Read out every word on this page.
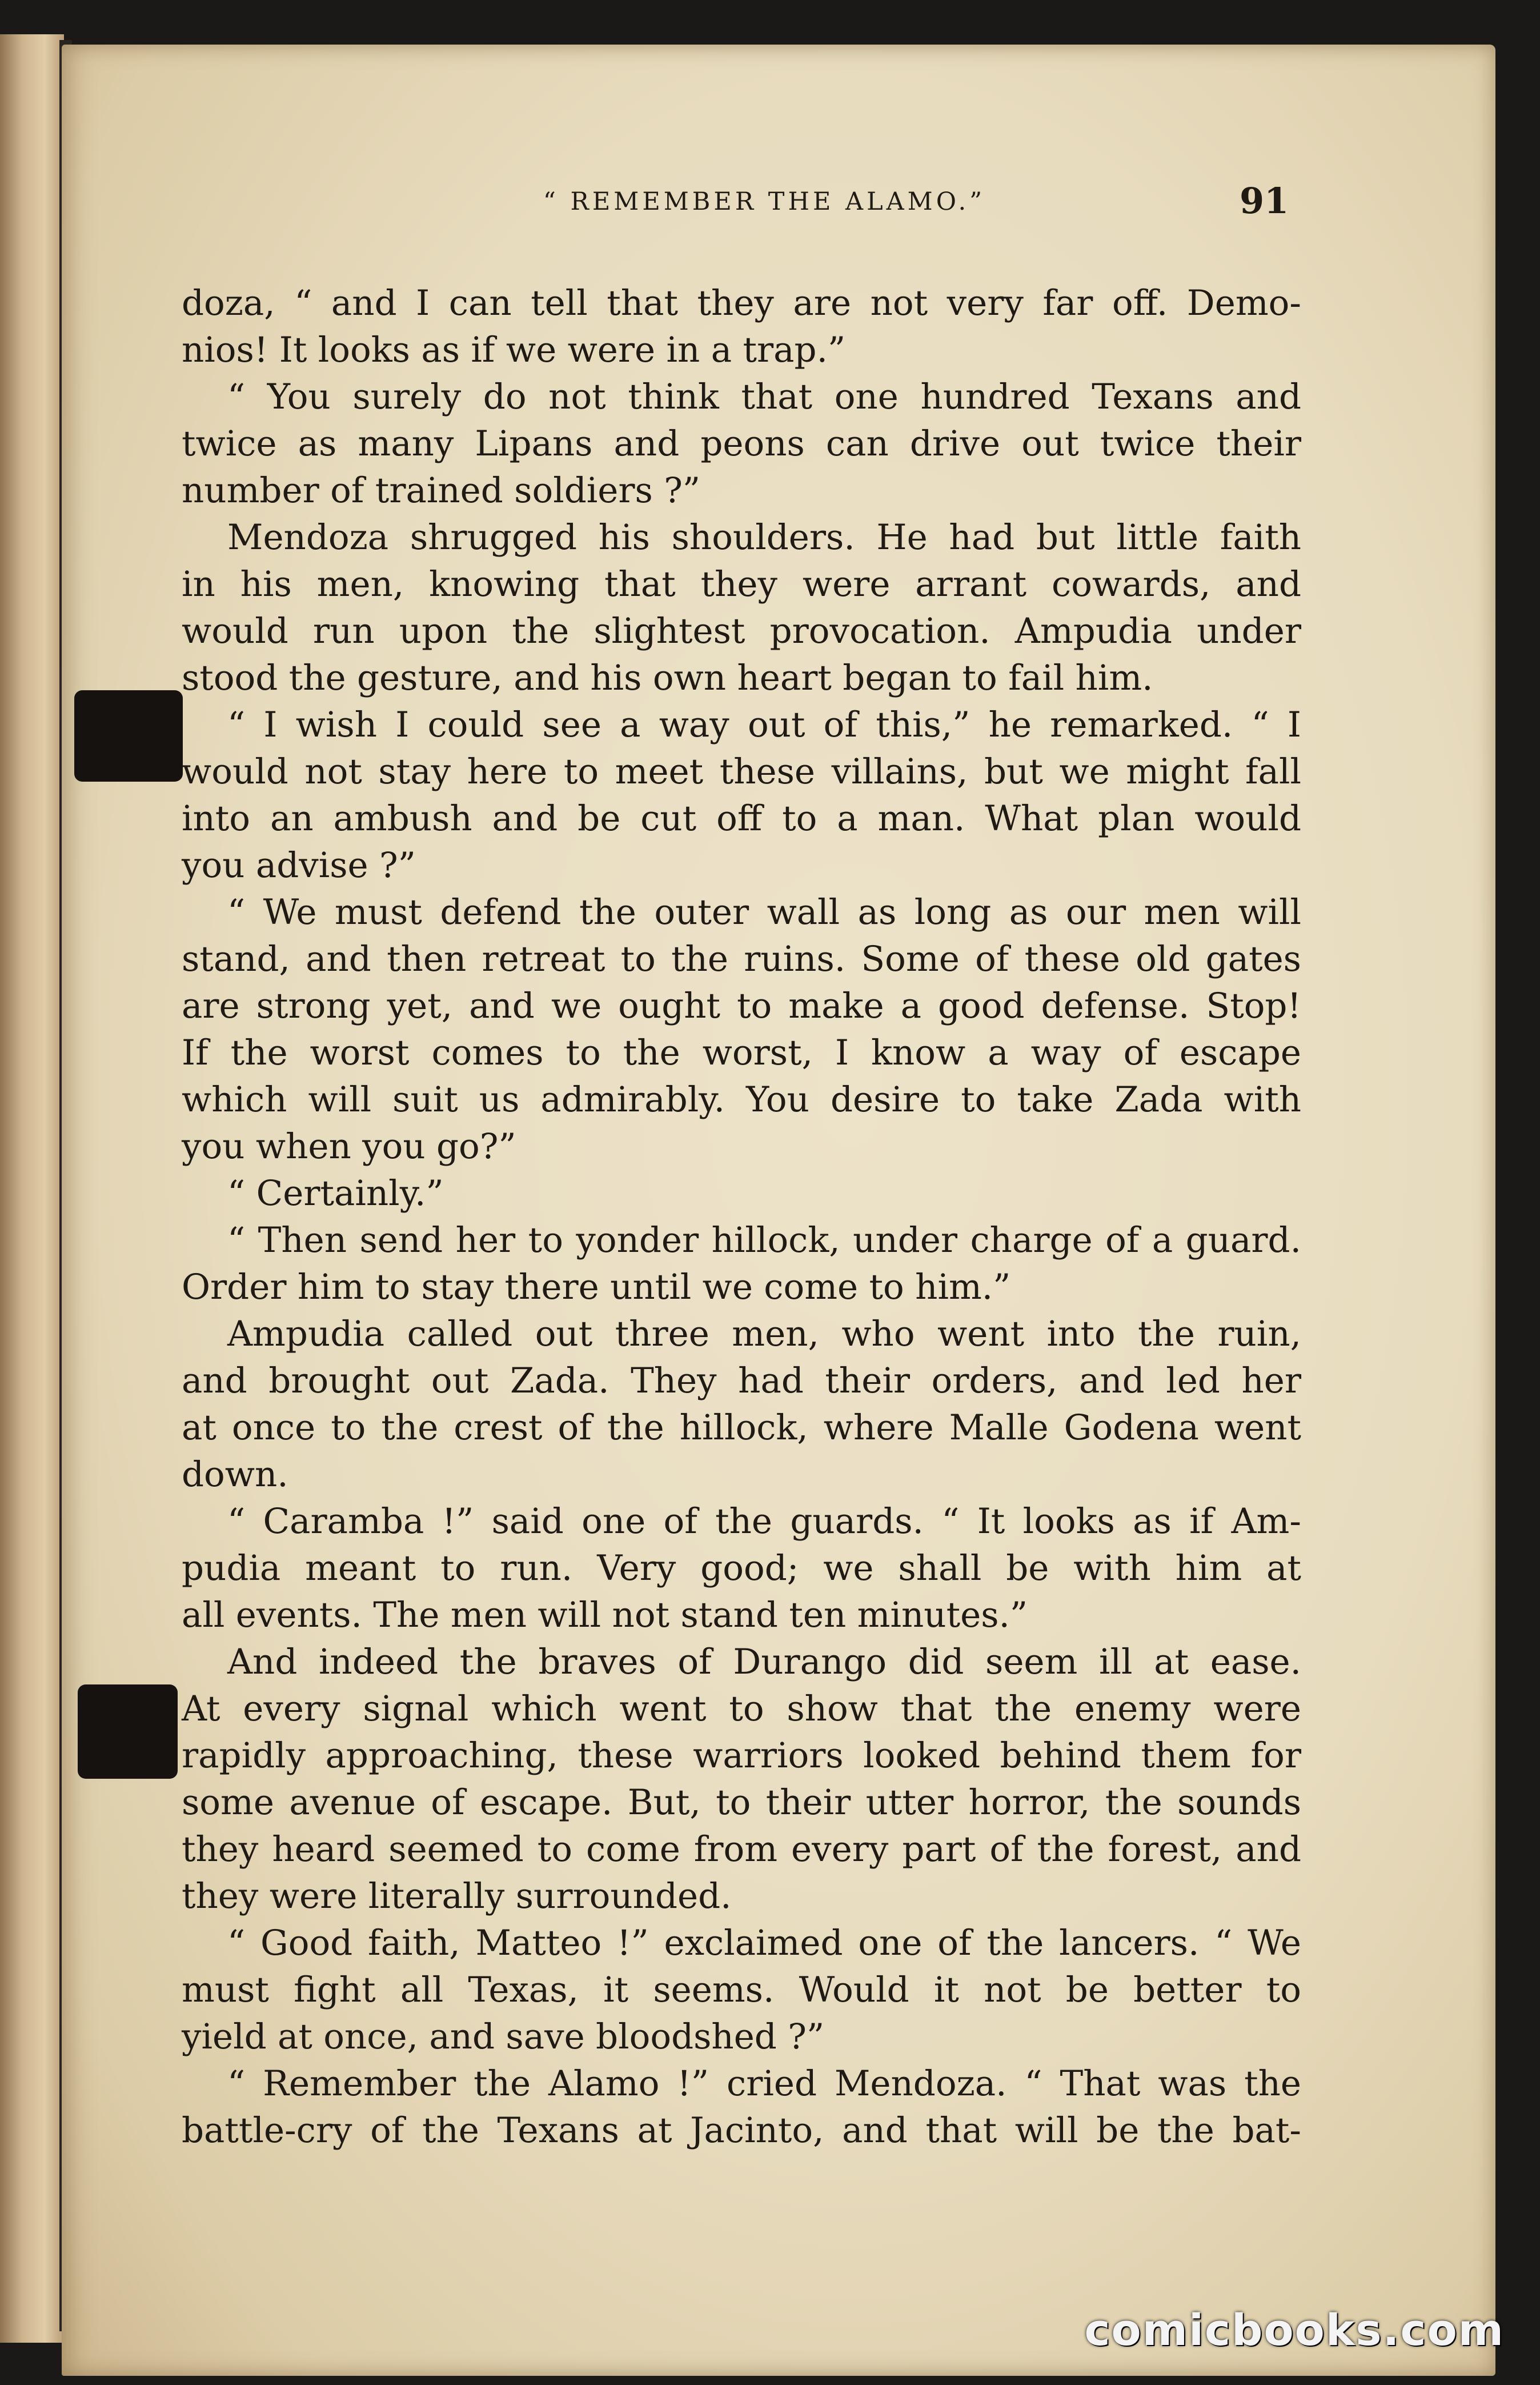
“ REMEMBER THE ALAMO.”	91
doza, “ and I can tell that they are not very far off. Demo-
nios! It looks as if we were in a trap.”
“ You surely do not think that one hundred Texans and
twice as many Lipans and peons can drive out twice their
number of trained soldiers ?”
Mendoza shrugged his shoulders. He had but little faith
in his men, knowing that they were arrant cowards, and
would run upon the slightest provocation. Ampudia under
stood the gesture, and his own heart began to fail him.
“ I wish I could see a way out of this,” he remarked. “ I
would not stay here to meet these villains, but we might fall
into an ambush and be cut off to a man. What plan would
you advise ?”
“ We must defend the outer wall as long as our men will
stand, and then retreat to the ruins. Some of these old gates
are strong yet, and we ought to make a good defense. Stop!
If the worst comes to the worst, I know a way of escape
which will suit us admirably. You desire to take Zada with
you when you go?”
“ Certainly.”
“ Then send her to yonder hillock, under charge of a guard.
Order him to stay there until we come to him.”
Ampudia called out three men, who went into the ruin,
and brought out Zada. They had their orders, and led her
at once to the crest of the hillock, where Malle Godena went
down.
“ Caramba !” said one of the guards. “ It looks as if Am-
pudia meant to run. Very good; we shall be with him at
all events. The men will not stand ten minutes.”
And indeed the braves of Durango did seem ill at ease.
At every signal which went to show that the enemy were
rapidly approaching, these warriors looked behind them for
some avenue of escape. But, to their utter horror, the sounds
they heard seemed to come from every part of the forest, and
they were literally surrounded.
“ Good faith, Matteo !” exclaimed one of the lancers. “ We
must fight all Texas, it seems. Would it not be better to
yield at once, and save bloodshed ?”
“ Remember the Alamo !” cried Mendoza. “ That was the
battle-cry of the Texans at Jacinto, and that will be the bat-
comicbooks.com
